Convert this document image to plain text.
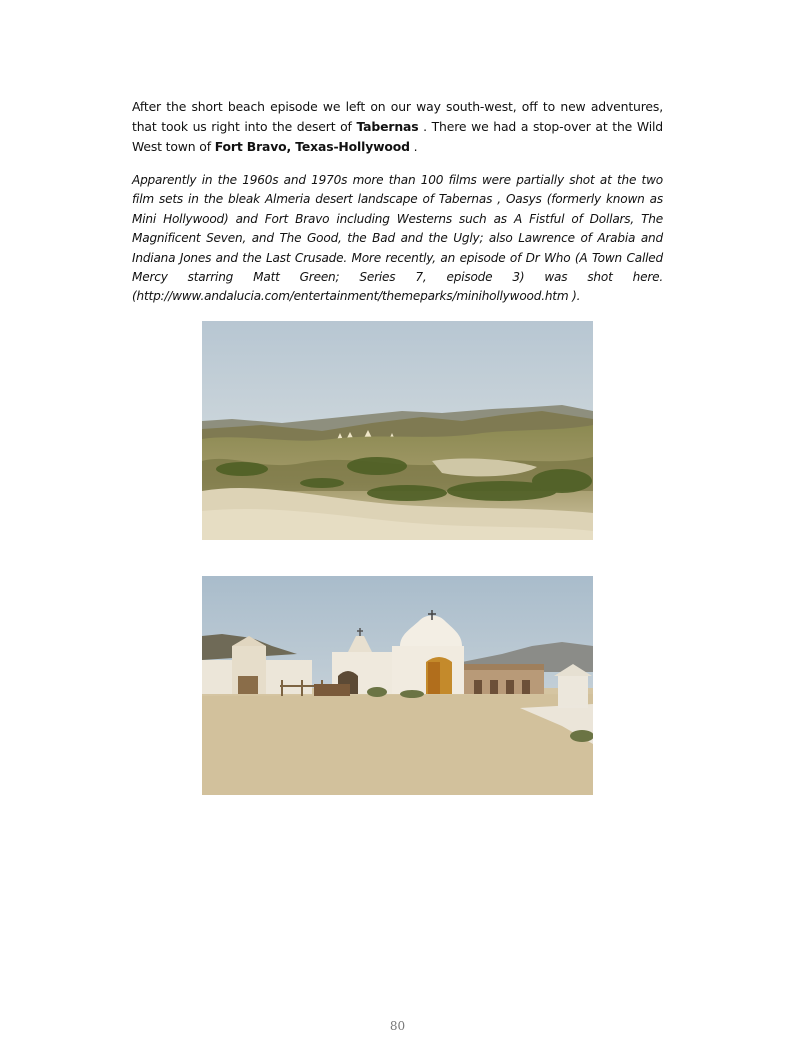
After the short beach episode we left on our way south-west, off to new adventures, that took us right into the desert of Tabernas . There we had a stop-over at the Wild West town of Fort Bravo, Texas-Hollywood .

Apparently in the 1960s and 1970s more than 100 films were partially shot at the two film sets in the bleak Almeria desert landscape of Tabernas , Oasys (formerly known as Mini Hollywood) and Fort Bravo including Westerns such as A Fistful of Dollars, The Magnificent Seven, and The Good, the Bad and the Ugly; also Lawrence of Arabia and Indiana Jones and the Last Crusade. More recently, an episode of Dr Who (A Town Called Mercy starring Matt Green; Series 7, episode 3) was shot here. (http://www.andalucia.com/entertainment/themeparks/minihollywood.htm ).

80
